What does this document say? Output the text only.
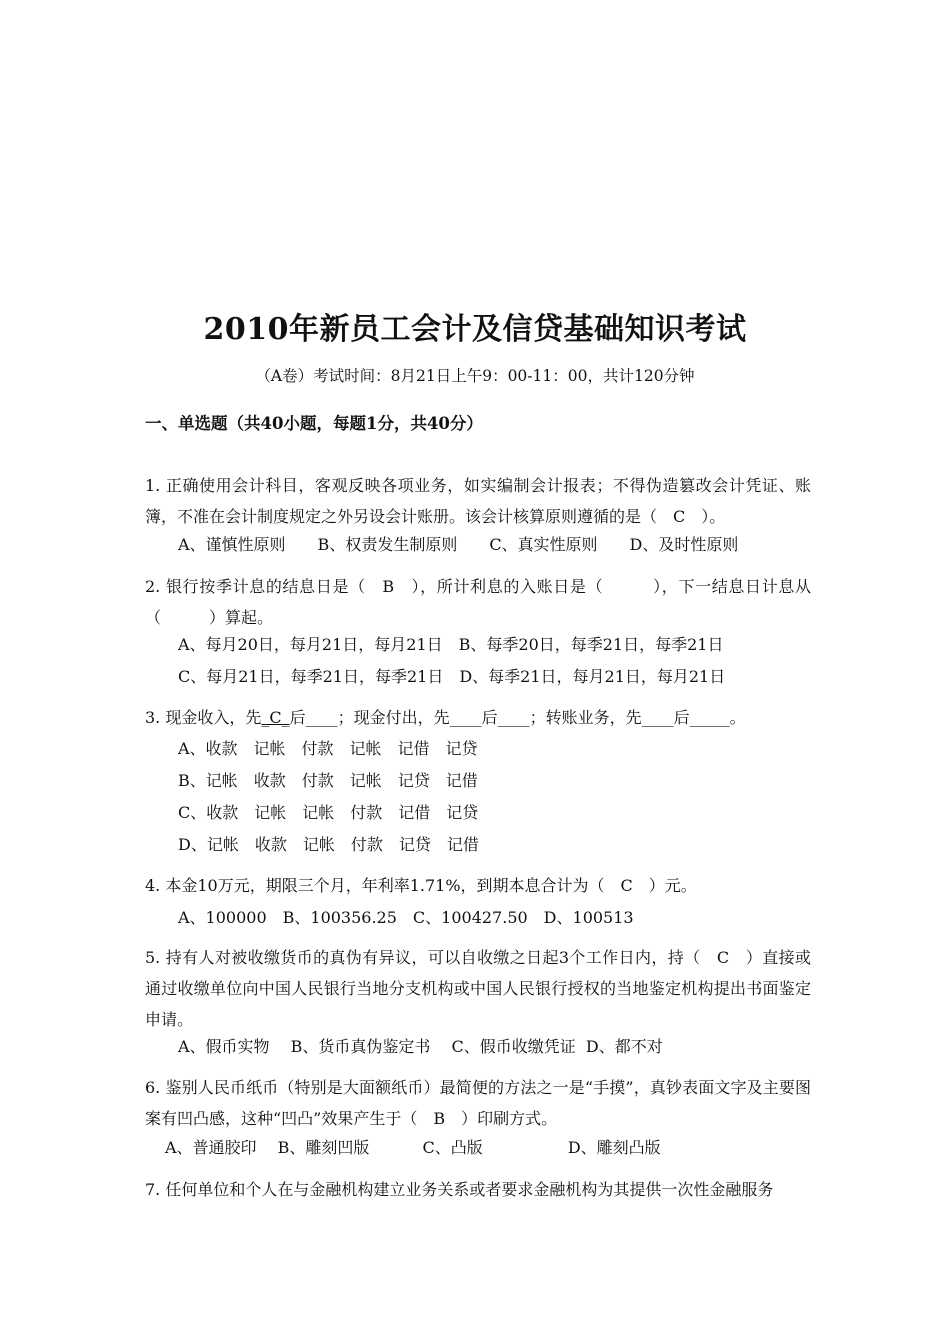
2010年新员工会计及信贷基础知识考试
（A卷）考试时间：8月21日上午9：00-11：00，共计120分钟
一、单选题（共40小题，每题1分，共40分）
1. 正确使用会计科目，客观反映各项业务，如实编制会计报表；不得伪造篡改会计凭证、账簿，不准在会计制度规定之外另设会计账册。该会计核算原则遵循的是（　C　）。
A、谨慎性原则　　B、权责发生制原则　　C、真实性原则　　D、及时性原则
2. 银行按季计息的结息日是（　B　），所计利息的入账日是（　　　），下一结息日计息从（　　　）算起。
A、每月20日，每月21日，每月21日　B、每季20日，每季21日，每季21日
C、每月21日，每季21日，每季21日　D、每季21日，每月21日，每月21日
3. 现金收入，先_C_后____；现金付出，先____后____；转账业务，先____后_____。
A、收款　记帐　付款　记帐　记借　记贷
B、记帐　收款　付款　记帐　记贷　记借
C、收款　记帐　记帐　付款　记借　记贷
D、记帐　收款　记帐　付款　记贷　记借
4. 本金10万元，期限三个月，年利率1.71%，到期本息合计为（　C　）元。
A、100000　B、100356.25　C、100427.50　D、100513
5. 持有人对被收缴货币的真伪有异议，可以自收缴之日起3个工作日内，持（　C　）直接或通过收缴单位向中国人民银行当地分支机构或中国人民银行授权的当地鉴定机构提出书面鉴定申请。
A、假币实物　 B、货币真伪鉴定书　 C、假币收缴凭证  D、都不对
6. 鉴别人民币纸币（特别是大面额纸币）最简便的方法之一是“手摸”，真钞表面文字及主要图案有凹凸感，这种“凹凸”效果产生于（　B　）印刷方式。
A、普通胶印　 B、雕刻凹版　　　 C、凸版　　　　　 D、雕刻凸版
7. 任何单位和个人在与金融机构建立业务关系或者要求金融机构为其提供一次性金融服务
